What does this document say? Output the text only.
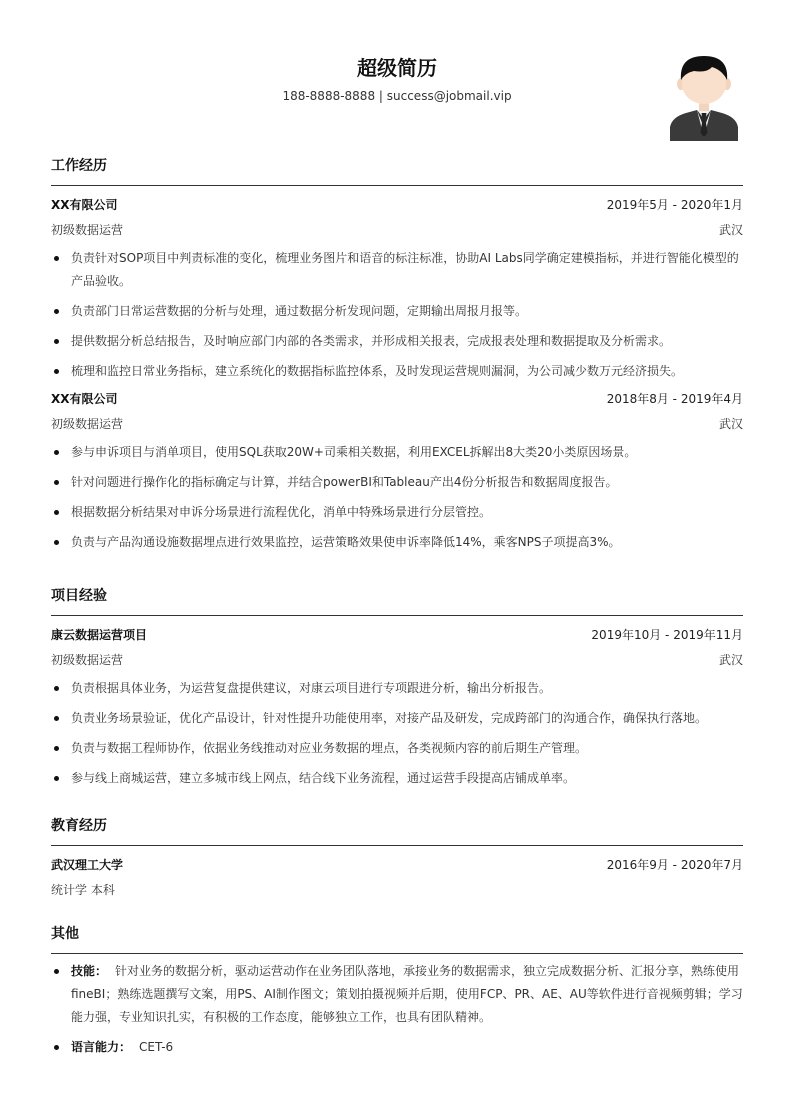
超级简历
188-8888-8888 | success@jobmail.vip
工作经历
XX有限公司	2019年5月 - 2020年1月
初级数据运营	武汉
负责针对SOP项目中判责标准的变化，梳理业务图片和语音的标注标准，协助AI Labs同学确定建模指标，并进行智能化模型的产品验收。
负责部门日常运营数据的分析与处理，通过数据分析发现问题，定期输出周报月报等。
提供数据分析总结报告，及时响应部门内部的各类需求，并形成相关报表，完成报表处理和数据提取及分析需求。
梳理和监控日常业务指标，建立系统化的数据指标监控体系，及时发现运营规则漏洞，为公司减少数万元经济损失。
XX有限公司	2018年8月 - 2019年4月
初级数据运营	武汉
参与申诉项目与消单项目，使用SQL获取20W+司乘相关数据，利用EXCEL拆解出8大类20小类原因场景。
针对问题进行操作化的指标确定与计算，并结合powerBI和Tableau产出4份分析报告和数据周度报告。
根据数据分析结果对申诉分场景进行流程优化，消单中特殊场景进行分层管控。
负责与产品沟通设施数据埋点进行效果监控，运营策略效果使申诉率降低14%，乘客NPS子项提高3%。
项目经验
康云数据运营项目	2019年10月 - 2019年11月
初级数据运营	武汉
负责根据具体业务，为运营复盘提供建议，对康云项目进行专项跟进分析，输出分析报告。
负责业务场景验证，优化产品设计，针对性提升功能使用率，对接产品及研发，完成跨部门的沟通合作，确保执行落地。
负责与数据工程师协作，依据业务线推动对应业务数据的埋点，各类视频内容的前后期生产管理。
参与线上商城运营，建立多城市线上网点，结合线下业务流程，通过运营手段提高店铺成单率。
教育经历
武汉理工大学	2016年9月 - 2020年7月
统计学 本科
其他
技能： 针对业务的数据分析，驱动运营动作在业务团队落地，承接业务的数据需求，独立完成数据分析、汇报分享，熟练使用fineBI；熟练选题撰写文案，用PS、AI制作图文；策划拍摄视频并后期，使用FCP、PR、AE、AU等软件进行音视频剪辑；学习能力强，专业知识扎实，有积极的工作态度，能够独立工作，也具有团队精神。
语言能力： CET-6
